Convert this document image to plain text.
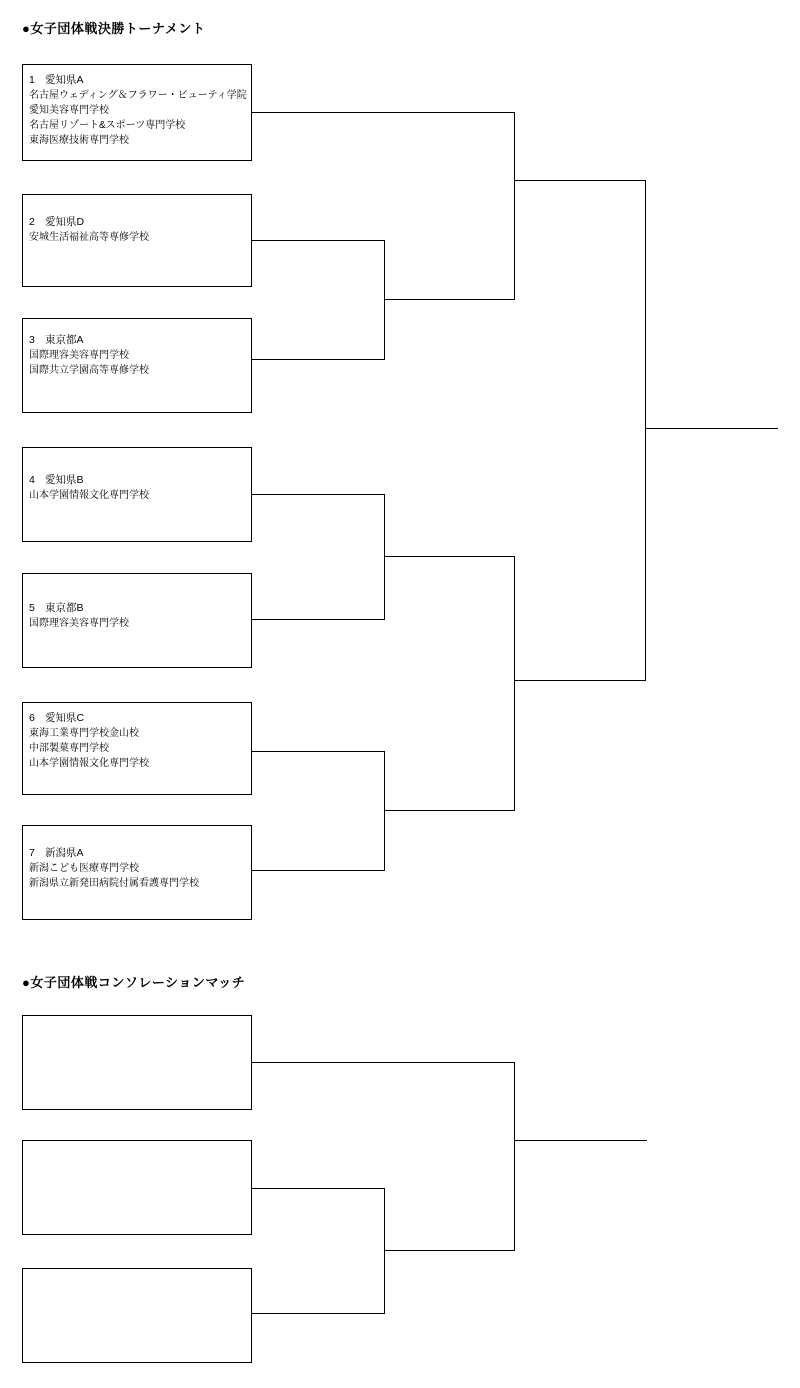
●女子団体戦決勝トーナメント
1 愛知県A
名古屋ウェディング＆フラワー・ビューティ学院
愛知美容専門学校
名古屋リゾート&スポーツ専門学校
東海医療技術専門学校
2 愛知県D
安城生活福祉高等専修学校
3 東京都A
国際理容美容専門学校
国際共立学園高等専修学校
4 愛知県B
山本学園情報文化専門学校
5 東京都B
国際理容美容専門学校
6 愛知県C
東海工業専門学校金山校
中部製菓専門学校
山本学園情報文化専門学校
7 新潟県A
新潟こども医療専門学校
新潟県立新発田病院付属看護専門学校
●女子団体戦コンソレーションマッチ
